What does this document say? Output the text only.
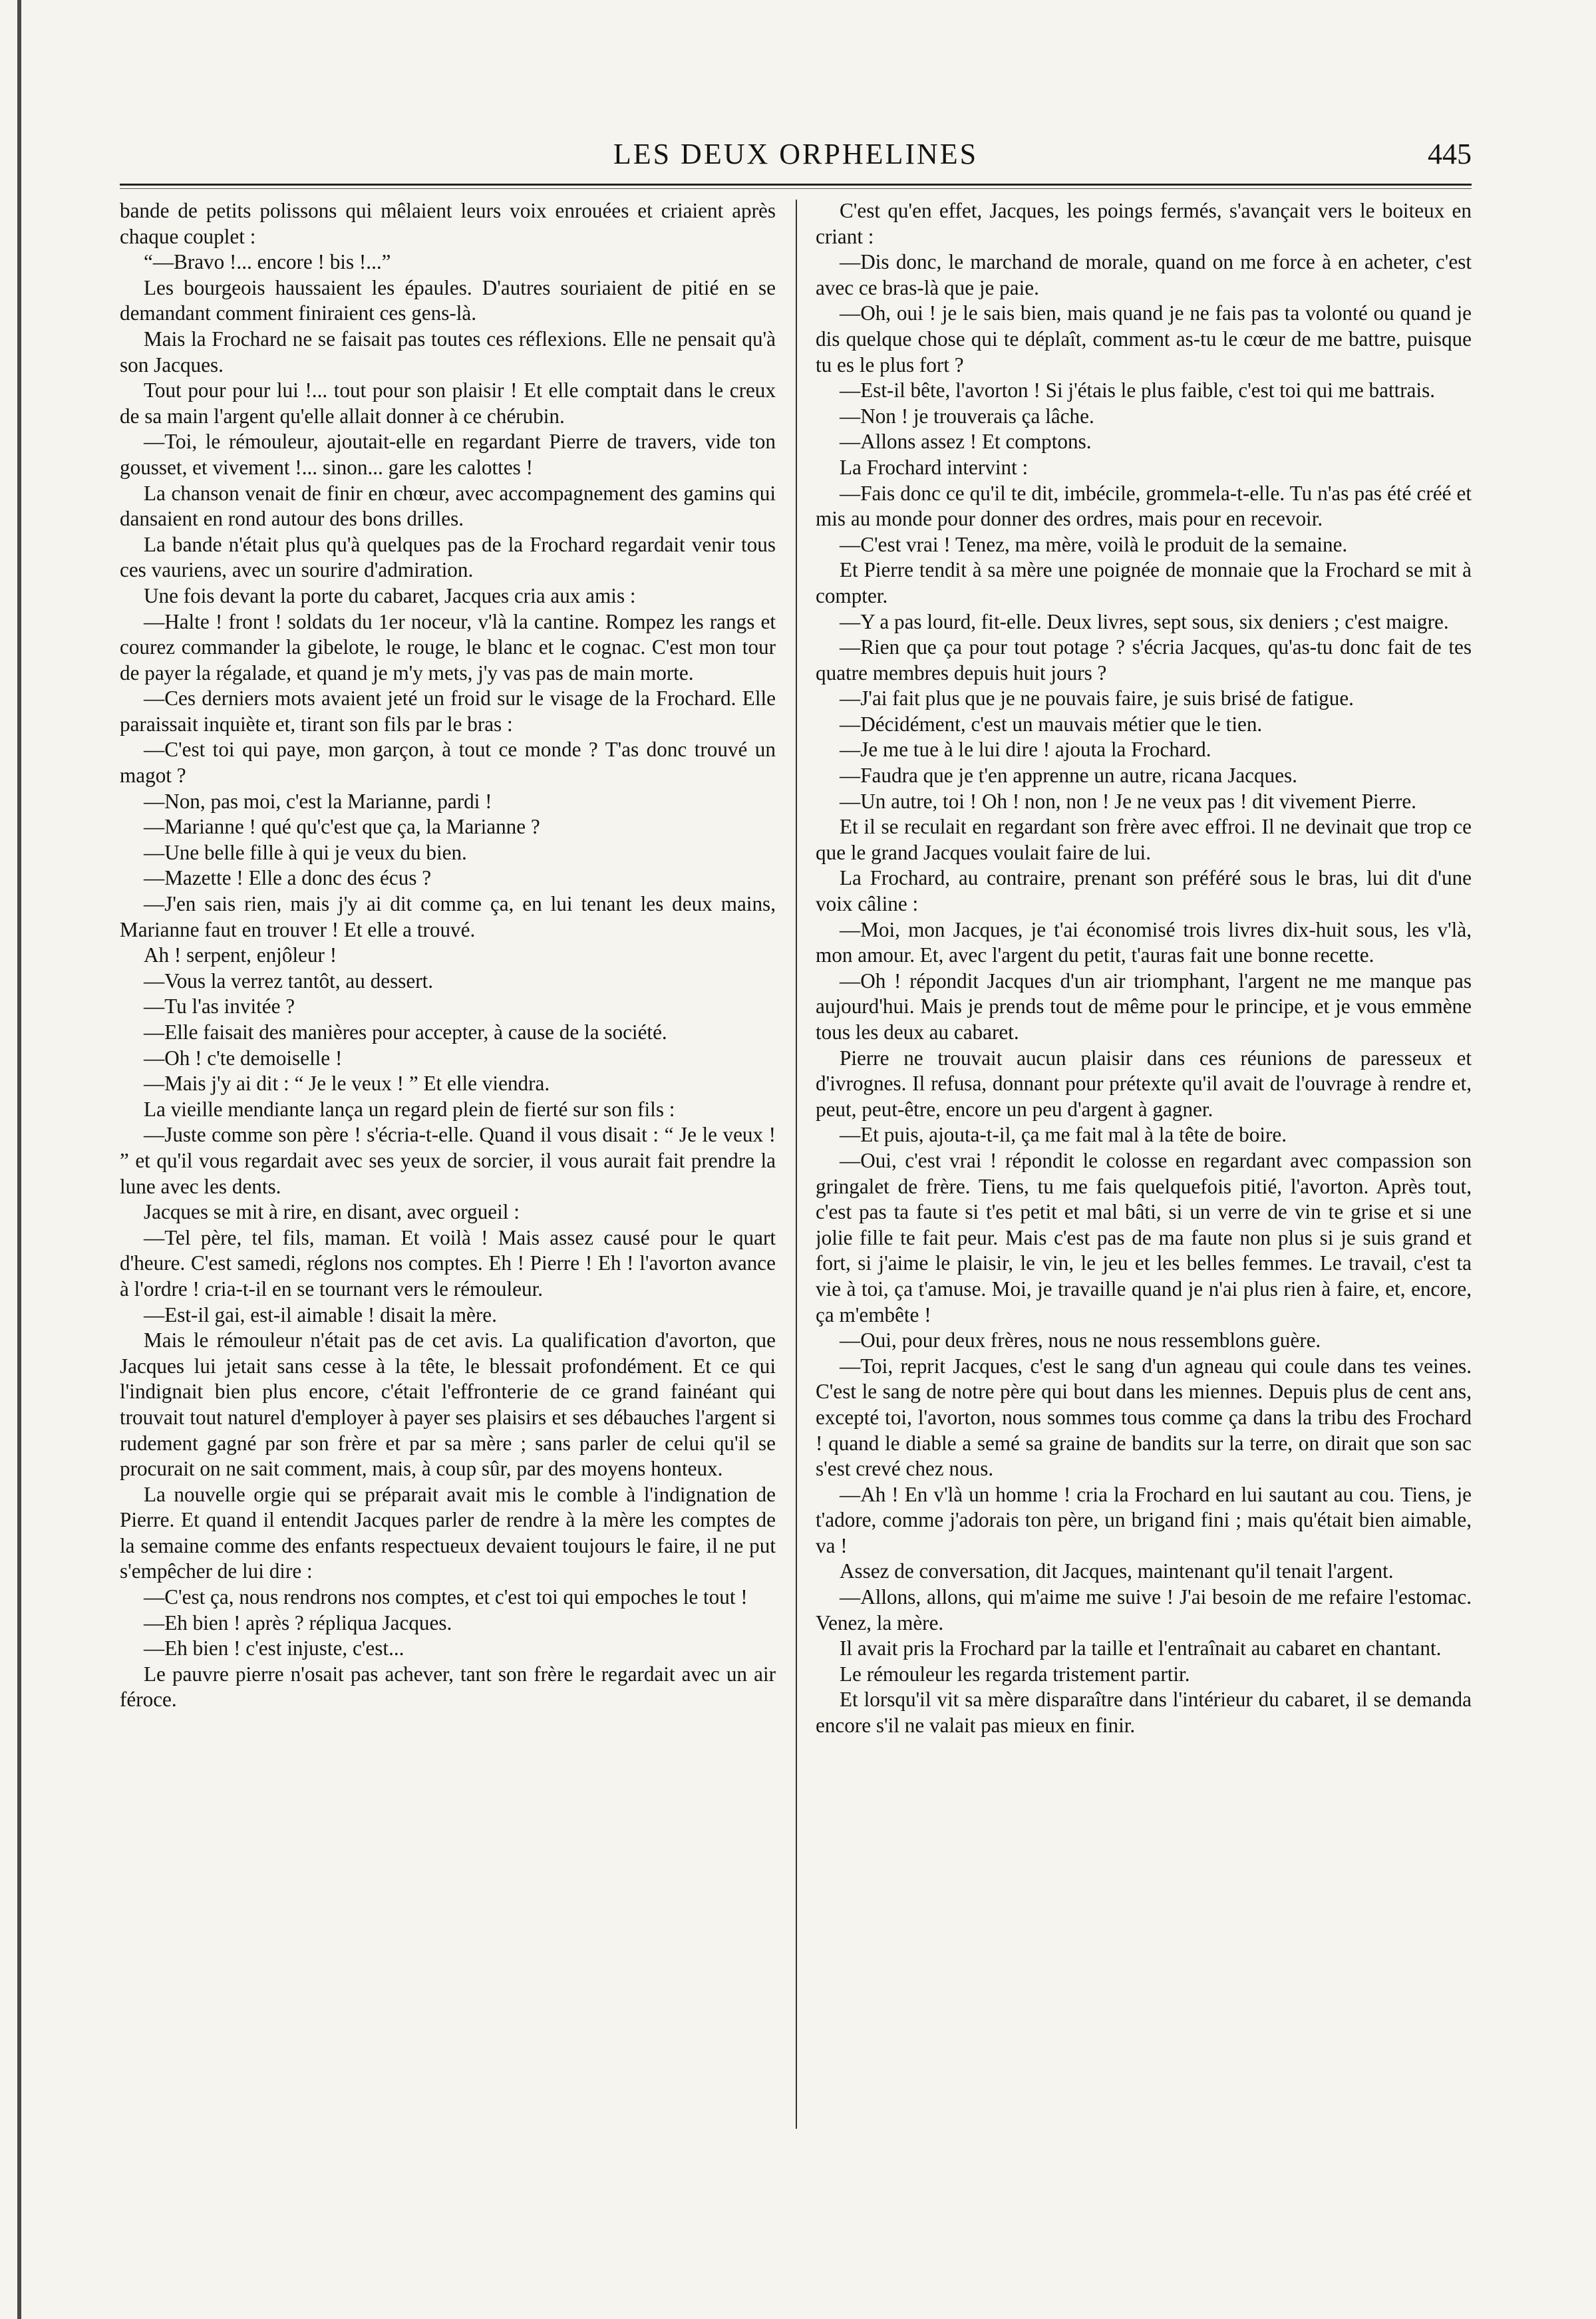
LES DEUX ORPHELINES	445

bande de petits polissons qui mêlaient leurs voix enrouées et criaient après chaque couplet :

“—Bravo !... encore ! bis !...”

Les bourgeois haussaient les épaules. D'autres souriaient de pitié en se demandant comment finiraient ces gens-là.

Mais la Frochard ne se faisait pas toutes ces réflexions. Elle ne pensait qu'à son Jacques.

Tout pour pour lui !... tout pour son plaisir ! Et elle comptait dans le creux de sa main l'argent qu'elle allait donner à ce chérubin.

—Toi, le rémouleur, ajoutait-elle en regardant Pierre de travers, vide ton gousset, et vivement !... sinon... gare les calottes !

La chanson venait de finir en chœur, avec accompagnement des gamins qui dansaient en rond autour des bons drilles.

La bande n'était plus qu'à quelques pas de la Frochard regardait venir tous ces vauriens, avec un sourire d'admiration.

Une fois devant la porte du cabaret, Jacques cria aux amis :

—Halte ! front ! soldats du 1er noceur, v'là la cantine. Rompez les rangs et courez commander la gibelote, le rouge, le blanc et le cognac. C'est mon tour de payer la régalade, et quand je m'y mets, j'y vas pas de main morte.

—Ces derniers mots avaient jeté un froid sur le visage de la Frochard. Elle paraissait inquiète et, tirant son fils par le bras :

—C'est toi qui paye, mon garçon, à tout ce monde ? T'as donc trouvé un magot ?

—Non, pas moi, c'est la Marianne, pardi !

—Marianne ! qué qu'c'est que ça, la Marianne ?

—Une belle fille à qui je veux du bien.

—Mazette ! Elle a donc des écus ?

—J'en sais rien, mais j'y ai dit comme ça, en lui tenant les deux mains, Marianne faut en trouver ! Et elle a trouvé.

Ah ! serpent, enjôleur !

—Vous la verrez tantôt, au dessert.

—Tu l'as invitée ?

—Elle faisait des manières pour accepter, à cause de la société.

—Oh ! c'te demoiselle !

—Mais j'y ai dit : “ Je le veux ! ” Et elle viendra.

La vieille mendiante lança un regard plein de fierté sur son fils :

—Juste comme son père ! s'écria-t-elle. Quand il vous disait : “ Je le veux ! ” et qu'il vous regardait avec ses yeux de sorcier, il vous aurait fait prendre la lune avec les dents.

Jacques se mit à rire, en disant, avec orgueil :

—Tel père, tel fils, maman. Et voilà ! Mais assez causé pour le quart d'heure. C'est samedi, réglons nos comptes. Eh ! Pierre ! Eh ! l'avorton avance à l'ordre ! cria-t-il en se tournant vers le rémouleur.

—Est-il gai, est-il aimable ! disait la mère.

Mais le rémouleur n'était pas de cet avis. La qualification d'avorton, que Jacques lui jetait sans cesse à la tête, le blessait profondément. Et ce qui l'indignait bien plus encore, c'était l'effronterie de ce grand fainéant qui trouvait tout naturel d'employer à payer ses plaisirs et ses débauches l'argent si rudement gagné par son frère et par sa mère ; sans parler de celui qu'il se procurait on ne sait comment, mais, à coup sûr, par des moyens honteux.

La nouvelle orgie qui se préparait avait mis le comble à l'indignation de Pierre. Et quand il entendit Jacques parler de rendre à la mère les comptes de la semaine comme des enfants respectueux devaient toujours le faire, il ne put s'empêcher de lui dire :

—C'est ça, nous rendrons nos comptes, et c'est toi qui empoches le tout !

—Eh bien ! après ? répliqua Jacques.

—Eh bien ! c'est injuste, c'est...

Le pauvre pierre n'osait pas achever, tant son frère le regardait avec un air féroce.

C'est qu'en effet, Jacques, les poings fermés, s'avançait vers le boiteux en criant :

—Dis donc, le marchand de morale, quand on me force à en acheter, c'est avec ce bras-là que je paie.

—Oh, oui ! je le sais bien, mais quand je ne fais pas ta volonté ou quand je dis quelque chose qui te déplaît, comment as-tu le cœur de me battre, puisque tu es le plus fort ?

—Est-il bête, l'avorton ! Si j'étais le plus faible, c'est toi qui me battrais.

—Non ! je trouverais ça lâche.

—Allons assez ! Et comptons.

La Frochard intervint :

—Fais donc ce qu'il te dit, imbécile, grommela-t-elle. Tu n'as pas été créé et mis au monde pour donner des ordres, mais pour en recevoir.

—C'est vrai ! Tenez, ma mère, voilà le produit de la semaine.

Et Pierre tendit à sa mère une poignée de monnaie que la Frochard se mit à compter.

—Y a pas lourd, fit-elle. Deux livres, sept sous, six deniers ; c'est maigre.

—Rien que ça pour tout potage ? s'écria Jacques, qu'as-tu donc fait de tes quatre membres depuis huit jours ?

—J'ai fait plus que je ne pouvais faire, je suis brisé de fatigue.

—Décidément, c'est un mauvais métier que le tien.

—Je me tue à le lui dire ! ajouta la Frochard.

—Faudra que je t'en apprenne un autre, ricana Jacques.

—Un autre, toi ! Oh ! non, non ! Je ne veux pas ! dit vivement Pierre.

Et il se reculait en regardant son frère avec effroi. Il ne devinait que trop ce que le grand Jacques voulait faire de lui.

La Frochard, au contraire, prenant son préféré sous le bras, lui dit d'une voix câline :

—Moi, mon Jacques, je t'ai économisé trois livres dix-huit sous, les v'là, mon amour. Et, avec l'argent du petit, t'auras fait une bonne recette.

—Oh ! répondit Jacques d'un air triomphant, l'argent ne me manque pas aujourd'hui. Mais je prends tout de même pour le principe, et je vous emmène tous les deux au cabaret.

Pierre ne trouvait aucun plaisir dans ces réunions de paresseux et d'ivrognes. Il refusa, donnant pour prétexte qu'il avait de l'ouvrage à rendre et, peut, peut-être, encore un peu d'argent à gagner.

—Et puis, ajouta-t-il, ça me fait mal à la tête de boire.

—Oui, c'est vrai ! répondit le colosse en regardant avec compassion son gringalet de frère. Tiens, tu me fais quelquefois pitié, l'avorton. Après tout, c'est pas ta faute si t'es petit et mal bâti, si un verre de vin te grise et si une jolie fille te fait peur. Mais c'est pas de ma faute non plus si je suis grand et fort, si j'aime le plaisir, le vin, le jeu et les belles femmes. Le travail, c'est ta vie à toi, ça t'amuse. Moi, je travaille quand je n'ai plus rien à faire, et, encore, ça m'embête !

—Oui, pour deux frères, nous ne nous ressemblons guère.

—Toi, reprit Jacques, c'est le sang d'un agneau qui coule dans tes veines. C'est le sang de notre père qui bout dans les miennes. Depuis plus de cent ans, excepté toi, l'avorton, nous sommes tous comme ça dans la tribu des Frochard ! quand le diable a semé sa graine de bandits sur la terre, on dirait que son sac s'est crevé chez nous.

—Ah ! En v'là un homme ! cria la Frochard en lui sautant au cou. Tiens, je t'adore, comme j'adorais ton père, un brigand fini ; mais qu'était bien aimable, va !

Assez de conversation, dit Jacques, maintenant qu'il tenait l'argent.

—Allons, allons, qui m'aime me suive ! J'ai besoin de me refaire l'estomac. Venez, la mère.

Il avait pris la Frochard par la taille et l'entraînait au cabaret en chantant.

Le rémouleur les regarda tristement partir.

Et lorsqu'il vit sa mère disparaître dans l'intérieur du cabaret, il se demanda encore s'il ne valait pas mieux en finir.
